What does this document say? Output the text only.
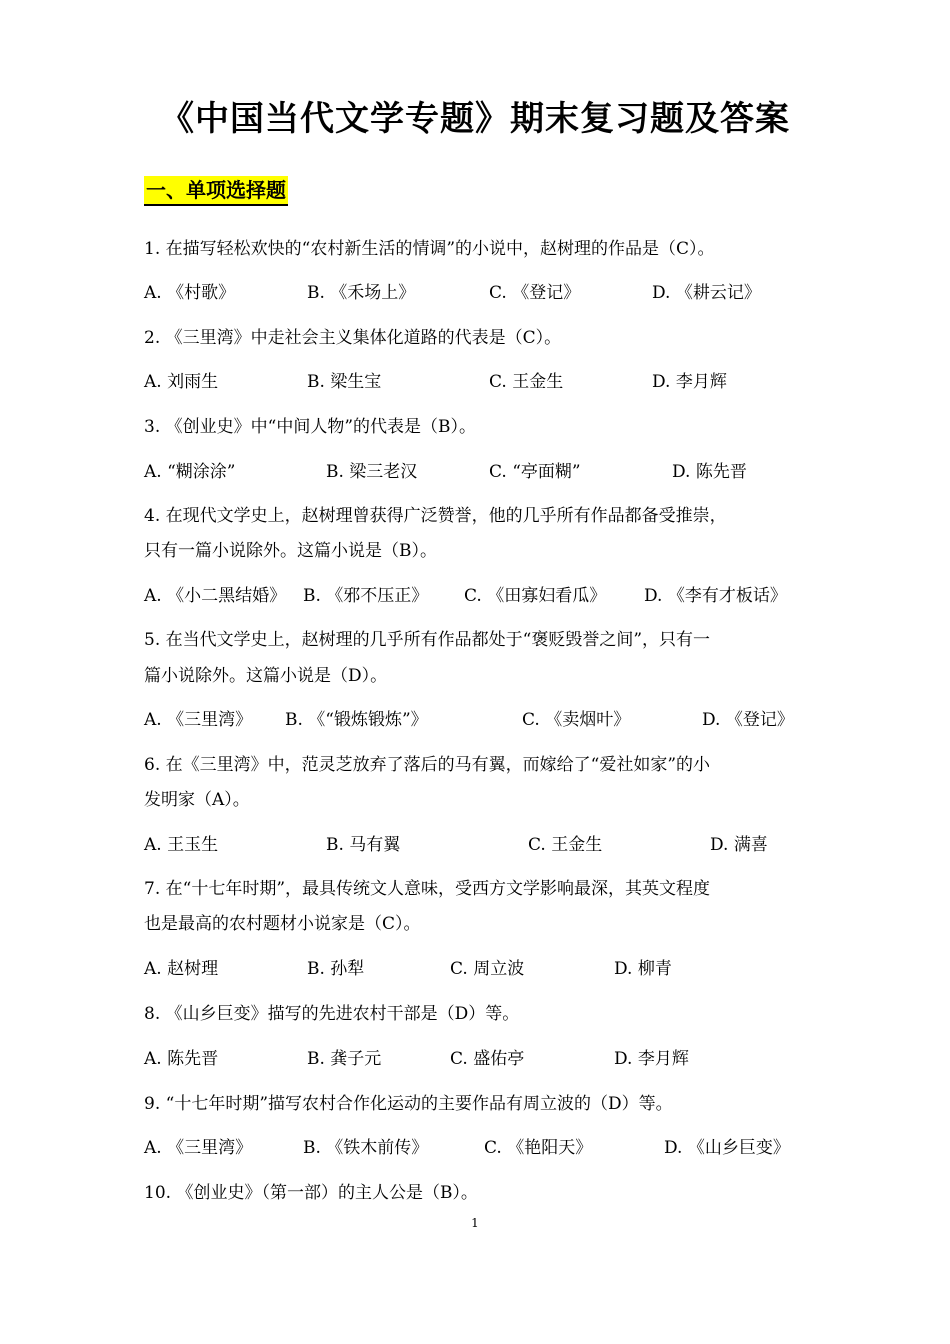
《中国当代文学专题》期末复习题及答案
一、单项选择题
1. 在描写轻松欢快的“农村新生活的情调”的小说中，赵树理的作品是（C）。
A. 《村歌》	B. 《禾场上》	C. 《登记》	D. 《耕云记》
2. 《三里湾》中走社会主义集体化道路的代表是（C）。
A. 刘雨生	B. 梁生宝	C. 王金生	D. 李月辉
3. 《创业史》中“中间人物”的代表是（B）。
A. “糊涂涂”	B. 梁三老汉	C. “亭面糊”	D. 陈先晋
4. 在现代文学史上，赵树理曾获得广泛赞誉，他的几乎所有作品都备受推崇，
只有一篇小说除外。这篇小说是（B）。
A. 《小二黑结婚》 B. 《邪不压正》 C. 《田寡妇看瓜》 D. 《李有才板话》
5. 在当代文学史上，赵树理的几乎所有作品都处于“褒贬毁誉之间”，只有一
篇小说除外。这篇小说是（D）。
A. 《三里湾》 B. 《“锻炼锻炼”》	C. 《卖烟叶》	D. 《登记》
6. 在《三里湾》中，范灵芝放弃了落后的马有翼，而嫁给了“爱社如家”的小
发明家（A）。
A. 王玉生	B. 马有翼	C. 王金生	D. 满喜
7. 在“十七年时期”，最具传统文人意味，受西方文学影响最深，其英文程度
也是最高的农村题材小说家是（C）。
A. 赵树理	B. 孙犁	C. 周立波	D. 柳青
8. 《山乡巨变》描写的先进农村干部是（D）等。
A. 陈先晋	B. 龚子元	C. 盛佑亭	D. 李月辉
9. “十七年时期”描写农村合作化运动的主要作品有周立波的（D）等。
A. 《三里湾》	B. 《铁木前传》	C. 《艳阳天》	D. 《山乡巨变》
10. 《创业史》（第一部）的主人公是（B）。
1
